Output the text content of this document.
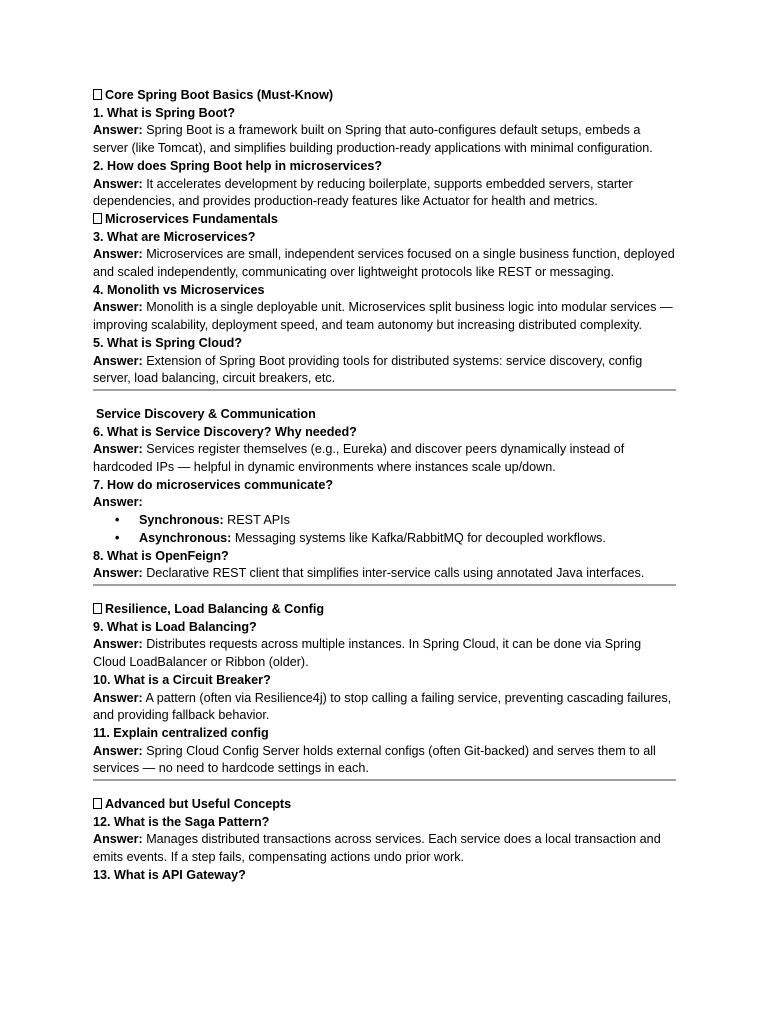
Core Spring Boot Basics (Must-Know)

1. What is Spring Boot?

Answer: Spring Boot is a framework built on Spring that auto-configures default setups, embeds a server (like Tomcat), and simplifies building production-ready applications with minimal configuration.

2. How does Spring Boot help in microservices?

Answer: It accelerates development by reducing boilerplate, supports embedded servers, starter dependencies, and provides production-ready features like Actuator for health and metrics.

Microservices Fundamentals

3. What are Microservices?

Answer: Microservices are small, independent services focused on a single business function, deployed and scaled independently, communicating over lightweight protocols like REST or messaging.

4. Monolith vs Microservices

Answer: Monolith is a single deployable unit. Microservices split business logic into modular services — improving scalability, deployment speed, and team autonomy but increasing distributed complexity.

5. What is Spring Cloud?

Answer: Extension of Spring Boot providing tools for distributed systems: service discovery, config server, load balancing, circuit breakers, etc.

Service Discovery & Communication

6. What is Service Discovery? Why needed?

Answer: Services register themselves (e.g., Eureka) and discover peers dynamically instead of hardcoded IPs — helpful in dynamic environments where instances scale up/down.

7. How do microservices communicate?

Answer:

• Synchronous: REST APIs
• Asynchronous: Messaging systems like Kafka/RabbitMQ for decoupled workflows.

8. What is OpenFeign?

Answer: Declarative REST client that simplifies inter-service calls using annotated Java interfaces.

Resilience, Load Balancing & Config

9. What is Load Balancing?

Answer: Distributes requests across multiple instances. In Spring Cloud, it can be done via Spring Cloud LoadBalancer or Ribbon (older).

10. What is a Circuit Breaker?

Answer: A pattern (often via Resilience4j) to stop calling a failing service, preventing cascading failures, and providing fallback behavior.

11. Explain centralized config

Answer: Spring Cloud Config Server holds external configs (often Git-backed) and serves them to all services — no need to hardcode settings in each.

Advanced but Useful Concepts

12. What is the Saga Pattern?

Answer: Manages distributed transactions across services. Each service does a local transaction and emits events. If a step fails, compensating actions undo prior work.

13. What is API Gateway?
